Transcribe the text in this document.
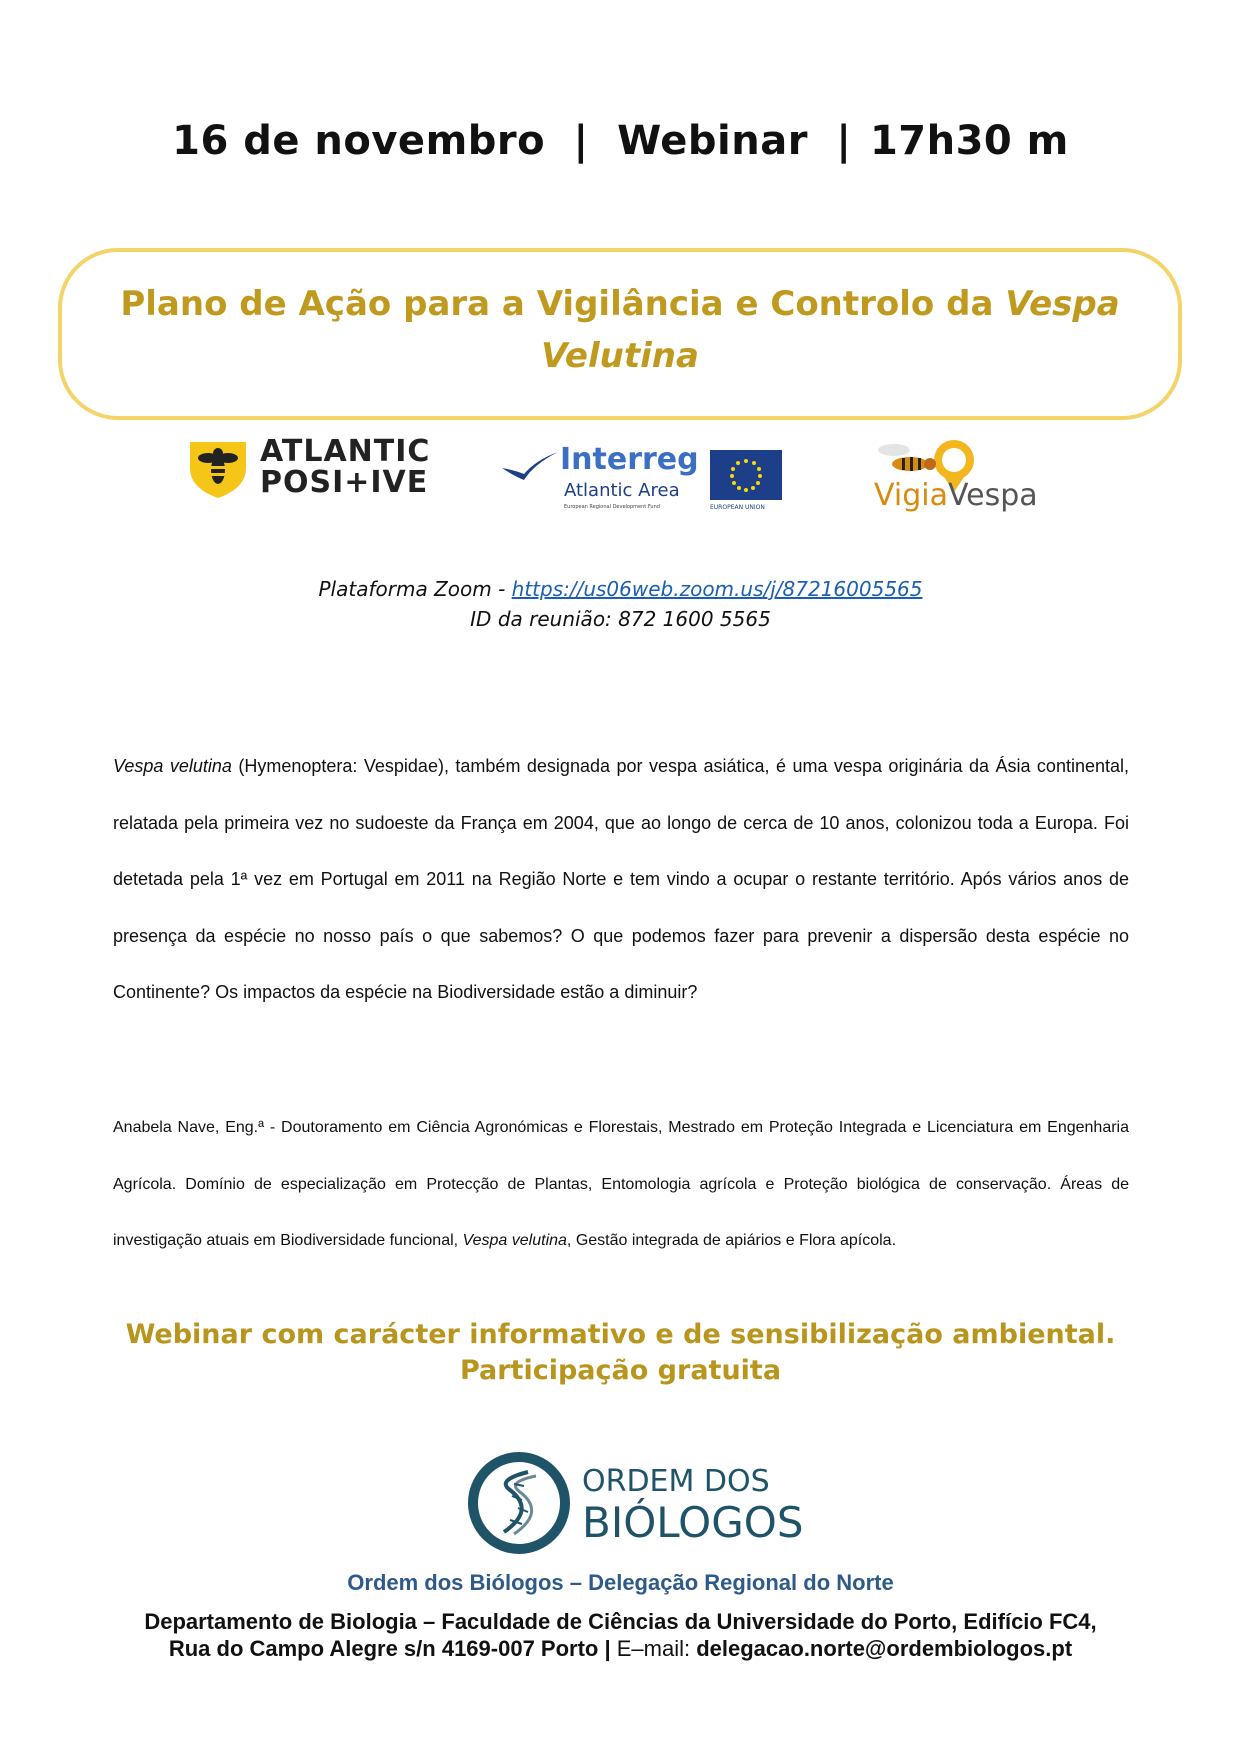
16 de novembro | Webinar | 17h30 m
Plano de Ação para a Vigilância e Controlo da Vespa Velutina
ATLANTIC
POSI+IVE
Interreg
Atlantic Area
European Regional Development Fund	EUROPEAN UNION	VigiaVespa
Plataforma Zoom - https://us06web.zoom.us/j/87216005565
ID da reunião: 872 1600 5565
Vespa velutina (Hymenoptera: Vespidae), também designada por vespa asiática, é uma vespa originária da Ásia continental, relatada pela primeira vez no sudoeste da França em 2004, que ao longo de cerca de 10 anos, colonizou toda a Europa. Foi detetada pela 1ª vez em Portugal em 2011 na Região Norte e tem vindo a ocupar o restante território. Após vários anos de presença da espécie no nosso país o que sabemos? O que podemos fazer para prevenir a dispersão desta espécie no Continente? Os impactos da espécie na Biodiversidade estão a diminuir?
Anabela Nave, Eng.ª - Doutoramento em Ciência Agronómicas e Florestais, Mestrado em Proteção Integrada e Licenciatura em Engenharia Agrícola. Domínio de especialização em Protecção de Plantas, Entomologia agrícola e Proteção biológica de conservação. Áreas de investigação atuais em Biodiversidade funcional, Vespa velutina, Gestão integrada de apiários e Flora apícola.
Webinar com carácter informativo e de sensibilização ambiental.
Participação gratuita
ORDEM DOS
BIÓLOGOS
Ordem dos Biólogos – Delegação Regional do Norte
Departamento de Biologia – Faculdade de Ciências da Universidade do Porto, Edifício FC4,
Rua do Campo Alegre s/n 4169-007 Porto | E–mail: delegacao.norte@ordembiologos.pt
